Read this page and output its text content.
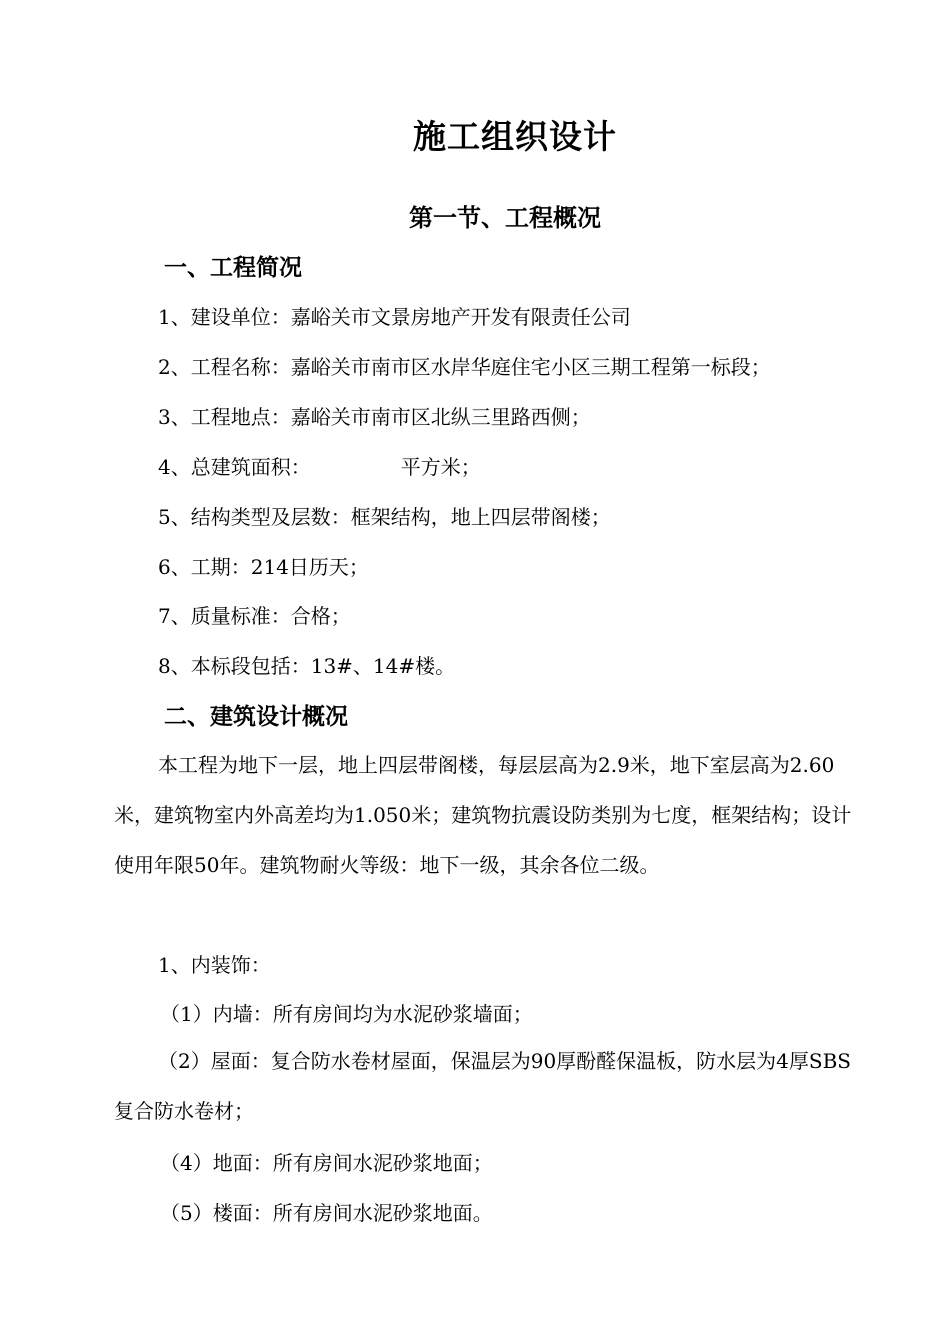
施工组织设计
第一节、工程概况
一、工程简况
1、建设单位：嘉峪关市文景房地产开发有限责任公司
2、工程名称：嘉峪关市南市区水岸华庭住宅小区三期工程第一标段；
3、工程地点：嘉峪关市南市区北纵三里路西侧；
4、总建筑面积：	平方米；
5、结构类型及层数：框架结构，地上四层带阁楼；
6、工期：214日历天；
7、质量标准：合格；
8、本标段包括：13#、14#楼。
二、建筑设计概况
本工程为地下一层，地上四层带阁楼，每层层高为2.9米，地下室层高为2.60米，建筑物室内外高差均为1.050米；建筑物抗震设防类别为七度，框架结构；设计使用年限50年。建筑物耐火等级：地下一级，其余各位二级。
1、内装饰：
（1）内墙：所有房间均为水泥砂浆墙面；
（2）屋面：复合防水卷材屋面，保温层为90厚酚醛保温板，防水层为4厚SBS复合防水卷材；
（4）地面：所有房间水泥砂浆地面；
（5）楼面：所有房间水泥砂浆地面。
